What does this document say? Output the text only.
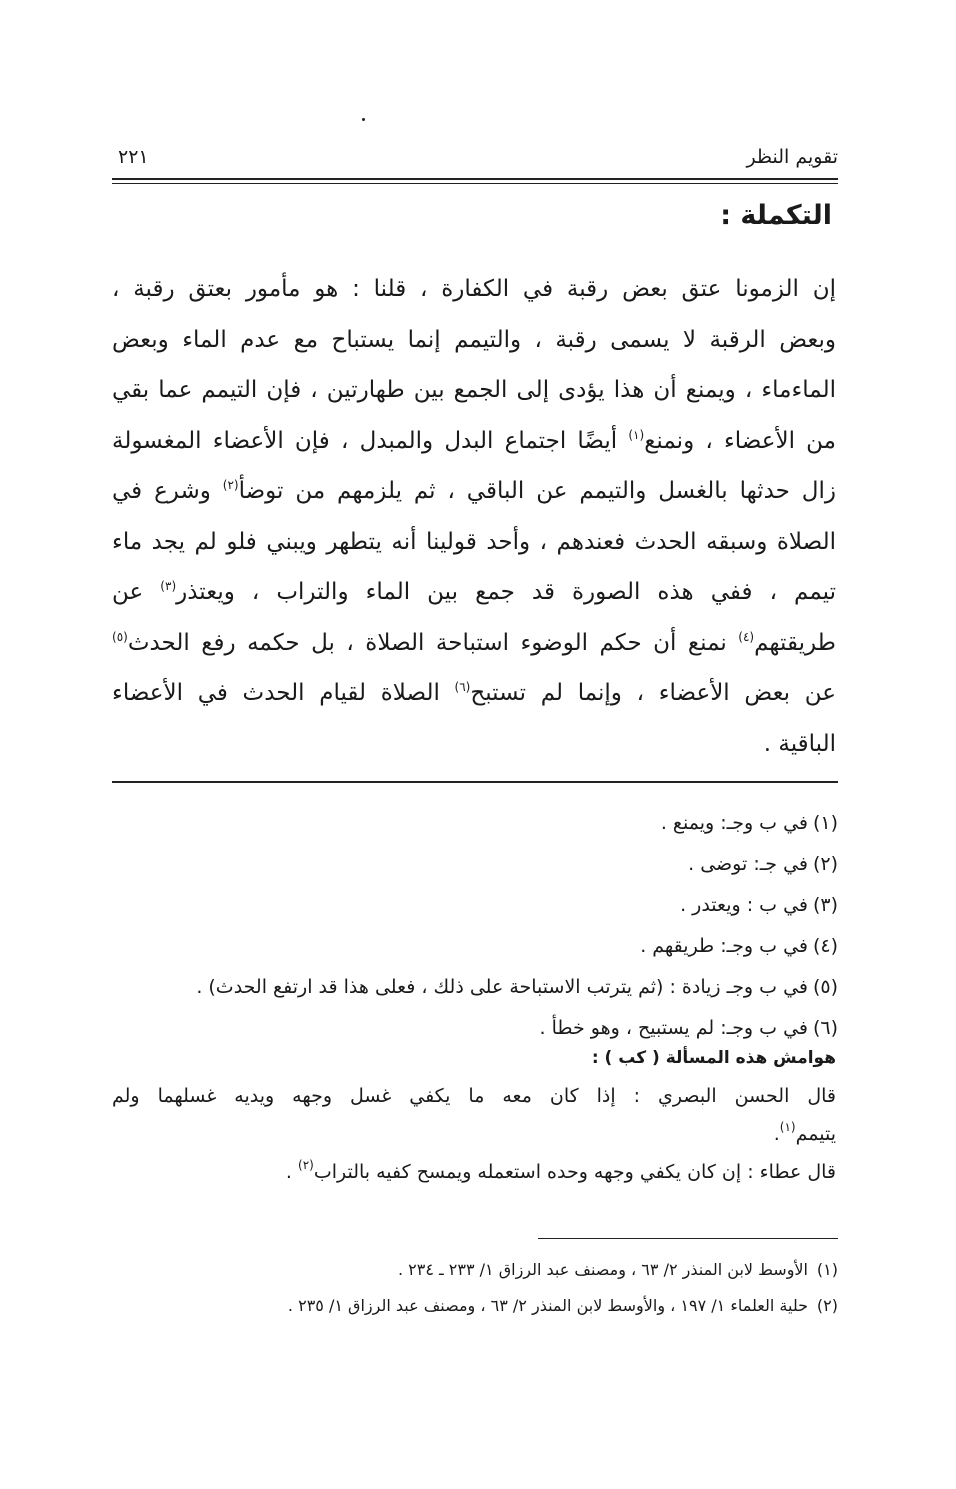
تقويم النظر
٢٢١
التكملة :
إن الزمونا عتق بعض رقبة في الكفارة ، قلنا : هو مأمور بعتق رقبة ،
وبعض الرقبة لا يسمى رقبة ، والتيمم إنما يستباح مع عدم الماء وبعض
الماءماء ، ويمنع أن هذا يؤدى إلى الجمع بين طهارتين ، فإن التيمم عما بقي
من الأعضاء ، ونمنع$^{(١)}$ أيضًا اجتماع البدل والمبدل ، فإن الأعضاء المغسولة
زال حدثها بالغسل والتيمم عن الباقي ، ثم يلزمهم من توضأ$^{(٢)}$ وشرع في
الصلاة وسبقه الحدث فعندهم ، وأحد قولينا أنه يتطهر ويبني فلو لم يجد ماء
تيمم ، ففي هذه الصورة قد جمع بين الماء والتراب ، ويعتذر$^{(٣)}$ عن
طريقتهم$^{(٤)}$ نمنع أن حكم الوضوء استباحة الصلاة ، بل حكمه رفع الحدث$^{(٥)}$
عن بعض الأعضاء ، وإنما لم تستبح$^{(٦)}$ الصلاة لقيام الحدث في الأعضاء
الباقية .
(١)في ب وجـ: ويمنع .
(٢)في جـ: توضى .
(٣)في ب : ويعتدر .
(٤)في ب وجـ: طريقهم .
(٥)في ب وجـ زيادة : (ثم يترتب الاستباحة على ذلك ، فعلى هذا قد ارتفع الحدث) .
(٦)في ب وجـ: لم يستبيح ، وهو خطأ .
هوامش هذه المسألة ( كب ) :
قال الحسن البصري : إذا كان معه ما يكفي غسل وجهه ويديه غسلهما ولم
يتيمم$^{(١)}$.
قال عطاء : إن كان يكفي وجهه وحده استعمله ويمسح كفيه بالتراب$^{(٢)}$ .
(١)الأوسط لابن المنذر ٢/ ٦٣ ، ومصنف عبد الرزاق ١/ ٢٣٣ ـ ٢٣٤ .
(٢)حلية العلماء ١/ ١٩٧ ، والأوسط لابن المنذر ٢/ ٦٣ ، ومصنف عبد الرزاق ١/ ٢٣٥ .
